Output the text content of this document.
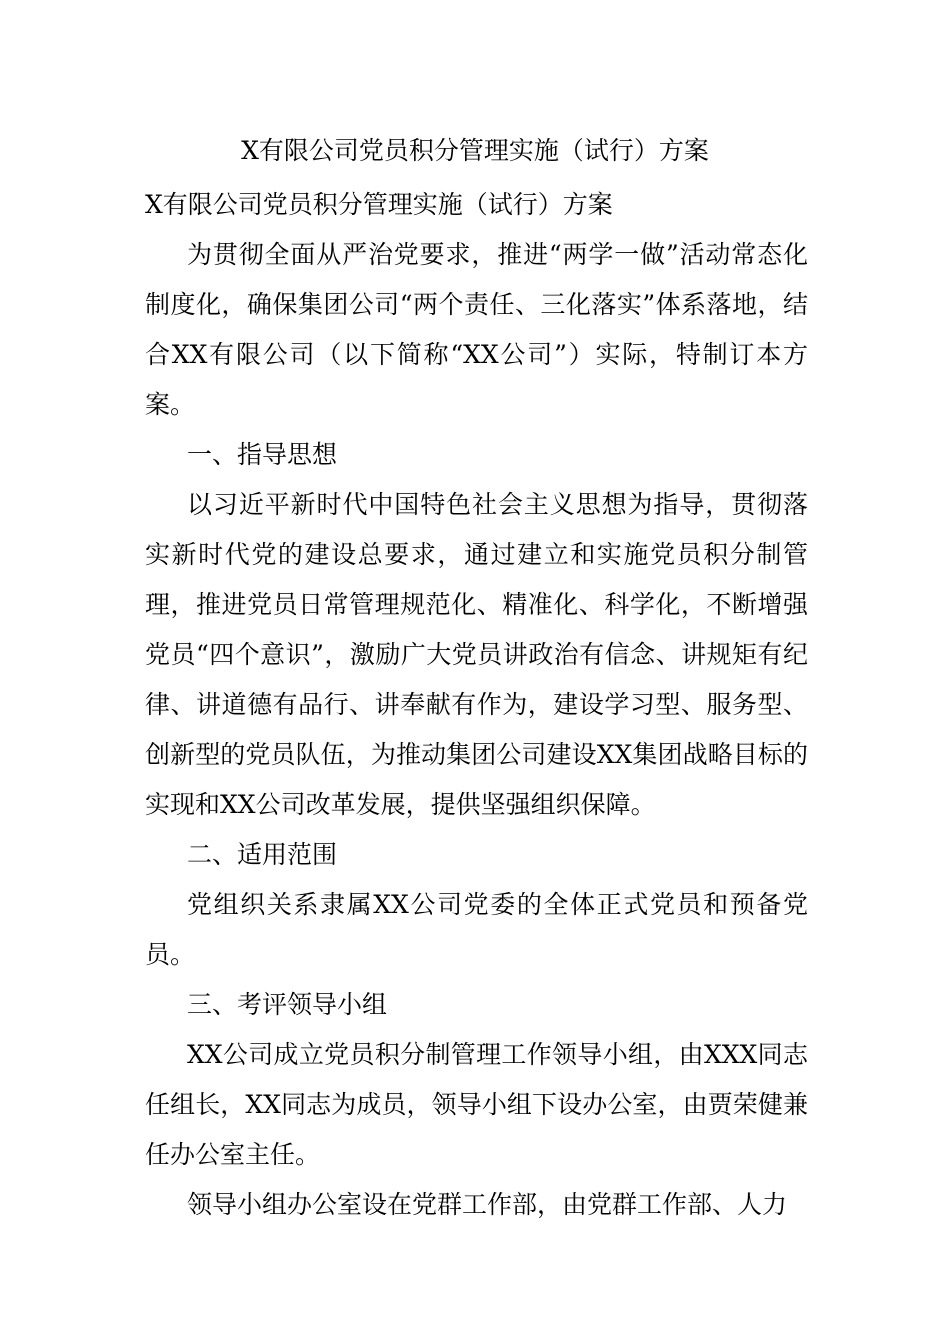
X有限公司党员积分管理实施（试行）方案

X有限公司党员积分管理实施（试行）方案

为贯彻全面从严治党要求，推进“两学一做”活动常态化制度化，确保集团公司“两个责任、三化落实”体系落地，结合XX有限公司（以下简称“XX公司”）实际，特制订本方案。

一、指导思想

以习近平新时代中国特色社会主义思想为指导，贯彻落实新时代党的建设总要求，通过建立和实施党员积分制管理，推进党员日常管理规范化、精准化、科学化，不断增强党员“四个意识”，激励广大党员讲政治有信念、讲规矩有纪律、讲道德有品行、讲奉献有作为，建设学习型、服务型、创新型的党员队伍，为推动集团公司建设XX集团战略目标的实现和XX公司改革发展，提供坚强组织保障。

二、适用范围

党组织关系隶属XX公司党委的全体正式党员和预备党员。

三、考评领导小组

XX公司成立党员积分制管理工作领导小组，由XXX同志任组长，XX同志为成员，领导小组下设办公室，由贾荣健兼任办公室主任。

领导小组办公室设在党群工作部，由党群工作部、人力
